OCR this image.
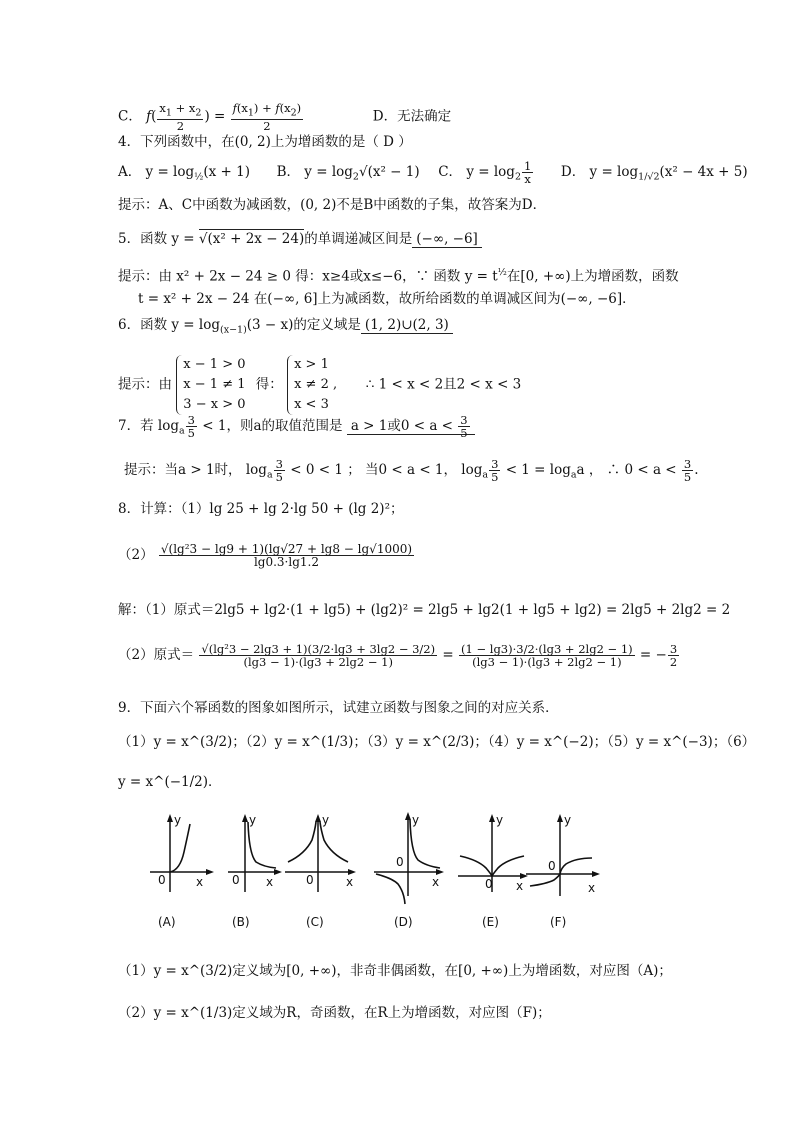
C． $f( \frac{x_1 + x_2}{2}$ ) = $\frac{f(x_1) + f(x_2)}{2}$	D．无法确定
4．下列函数中，在(0, 2)上为增函数的是（ D ）
A． $y = \log_{\frac{1}{2}}(x + 1)$  B． $y = \log_2√(x^2 - 1)$  C． $y = \log_2 \frac{1}{x}$ D． $y = \log_{1/√2}(x^2 - 4x + 5)$
提示：A、C中函数为减函数，(0, 2)不是B中函数的子集，故答案为D．
5．函数 y = √(x² + 2x − 24)的单调递减区间是 (−∞, −6]
提示：由 x² + 2x − 24 ≥ 0 得：x≥4或x≤−6，∵ 函数 $y = t^{\frac{1}{2}}$在[0, +∞)上为增函数，函数
t = x² + 2x − 24 在(−∞, 6]上为减函数，故所给函数的单调减区间为(−∞, −6]．
6．函数 $y = \log_{(x-1)}(3 - x)$的定义域是 (1, 2)∪(2, 3)
提示：由 x − 1 > 0
x − 1 ≠ 1
3 − x > 0 得： x > 1
x ≠ 2 ,
x < 3  ∴ 1 < x < 2且2 < x < 3
7．若 $\log_a \frac{3}{5} < 1$，则a的取值范围是 a > 1或$0 < a < \frac{3}{5}$
提示：当a > 1时， $\log_a \frac{3}{5} < 0 < 1$ ； 当0 < a < 1， $\log_a \frac{3}{5} < 1 = \log_aa$ ， ∴ $0 < a < \frac{3}{5}$ .
8．计算：（1）lg 25 + lg 2·lg 50 + (lg 2)²；
$(2) \frac{\text{√(lg²3 − lg9 + 1)(lg√27 + lg8 − lg√1000)}}{\lg 0.3\cdot\lg 1.2}$
解：（1）原式＝2lg5 + lg2·(1 + lg5) + (lg2)² = 2lg5 + lg2(1 + lg5 + lg2) = 2lg5 + 2lg2 = 2
（2）原式＝ $\frac{\text{√(lg²3 − 2lg3 + 1)(3/2·lg3 + 3lg2 − 3/2)}}{(\lg 3 - 1)\cdot(\lg 3 + 2\lg 2 - 1)} = \frac{(1 - \lg 3)\cdot 3/2\cdot(\lg 3 + 2\lg 2 - 1)}{(\lg 3 - 1)\cdot(\lg 3 + 2\lg 2 - 1)}$ = − $\frac{3}{2}$
9．下面六个幂函数的图象如图所示，试建立函数与图象之间的对应关系．
（1）y = x^(3/2)；（2）y = x^(1/3)；（3）y = x^(2/3)；（4）y = x^(−2)；（5）y = x^(−3)；（6）
y = x^(−1/2)．
y
0	x
(A)
y
0 x
(B)
y
0	x
(C)
y
0
x
(D)
y
0 x
(E)
y
0
x
(F)
（1）y = x^(3/2)定义域为[0, +∞)，非奇非偶函数，在[0, +∞)上为增函数，对应图（A)；
（2）y = x^(1/3)定义域为R，奇函数，在R上为增函数，对应图（F)；
